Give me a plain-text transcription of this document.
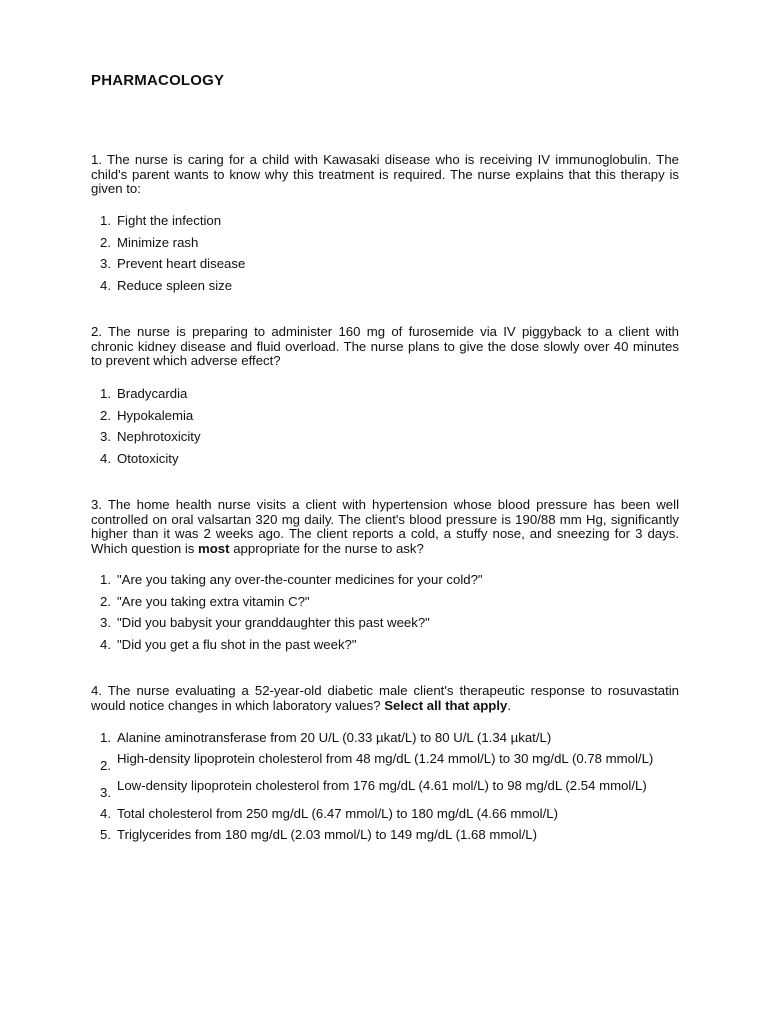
PHARMACOLOGY

1. The nurse is caring for a child with Kawasaki disease who is receiving IV immunoglobulin. The child's parent wants to know why this treatment is required. The nurse explains that this therapy is given to:

1. Fight the infection
2. Minimize rash
3. Prevent heart disease
4. Reduce spleen size

2. The nurse is preparing to administer 160 mg of furosemide via IV piggyback to a client with chronic kidney disease and fluid overload. The nurse plans to give the dose slowly over 40 minutes to prevent which adverse effect?

1. Bradycardia
2. Hypokalemia
3. Nephrotoxicity
4. Ototoxicity

3. The home health nurse visits a client with hypertension whose blood pressure has been well controlled on oral valsartan 320 mg daily. The client's blood pressure is 190/88 mm Hg, significantly higher than it was 2 weeks ago. The client reports a cold, a stuffy nose, and sneezing for 3 days. Which question is most appropriate for the nurse to ask?

1. "Are you taking any over-the-counter medicines for your cold?"
2. "Are you taking extra vitamin C?"
3. "Did you babysit your granddaughter this past week?"
4. "Did you get a flu shot in the past week?"

4. The nurse evaluating a 52-year-old diabetic male client's therapeutic response to rosuvastatin would notice changes in which laboratory values? Select all that apply.

1. Alanine aminotransferase from 20 U/L (0.33 µkat/L) to 80 U/L (1.34 µkat/L)
2. High-density lipoprotein cholesterol from 48 mg/dL (1.24 mmol/L) to 30 mg/dL (0.78 mmol/L)
3. Low-density lipoprotein cholesterol from 176 mg/dL (4.61 mol/L) to 98 mg/dL (2.54 mmol/L)
4. Total cholesterol from 250 mg/dL (6.47 mmol/L) to 180 mg/dL (4.66 mmol/L)
5. Triglycerides from 180 mg/dL (2.03 mmol/L) to 149 mg/dL (1.68 mmol/L)
